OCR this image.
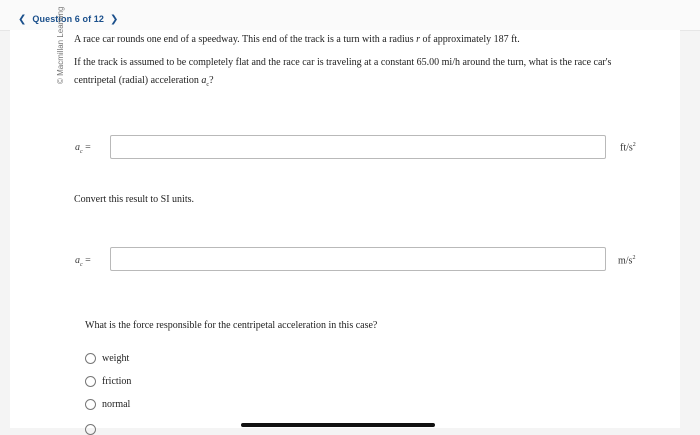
❮ Question 6 of 12 ❯
© Macmillan Learning A race car rounds one end of a speedway. This end of the track is a turn with a radius r of approximately 187 ft.
If the track is assumed to be completely flat and the race car is traveling at a constant 65.00 mi/h around the turn, what is the race car's centripetal (radial) acceleration $a_c$?
$a_c$ =	$ft/s^2$
Convert this result to SI units.
$a_c$ =	$m/s^2$
What is the force responsible for the centripetal acceleration in this case?
weight
friction
normal
